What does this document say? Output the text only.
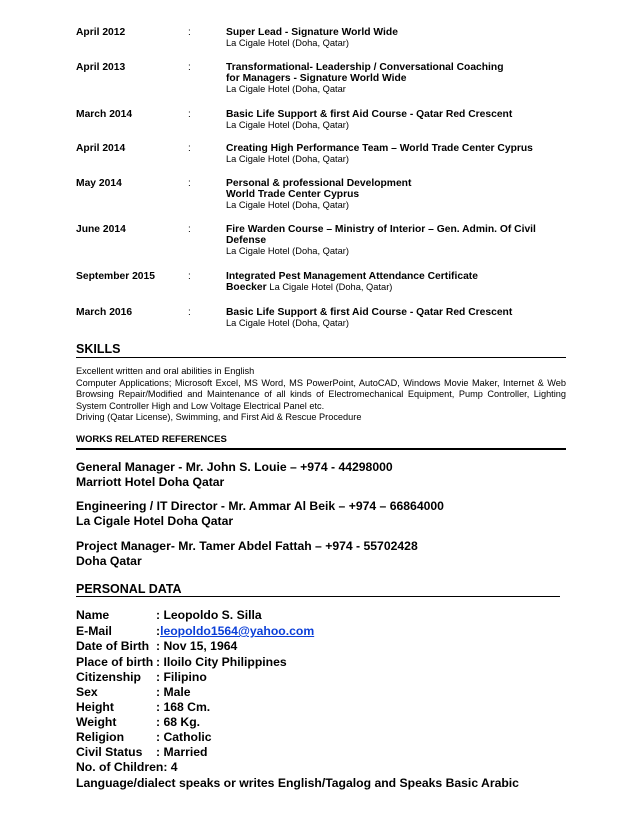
April 2012	:	Super Lead - Signature World Wide
La Cigale Hotel (Doha, Qatar)
April 2013	:	Transformational- Leadership / Conversational Coaching
for Managers - Signature World Wide
La Cigale Hotel (Doha, Qatar
March 2014	:	Basic Life Support & first Aid Course - Qatar Red Crescent
La Cigale Hotel (Doha, Qatar)
April 2014	:	Creating High Performance Team – World Trade Center Cyprus
La Cigale Hotel (Doha, Qatar)
May 2014	:	Personal & professional Development
World Trade Center Cyprus
La Cigale Hotel (Doha, Qatar)
June 2014	:	Fire Warden Course – Ministry of Interior – Gen. Admin. Of Civil
Defense
La Cigale Hotel (Doha, Qatar)
September 2015	:	Integrated Pest Management Attendance Certificate
Boecker La Cigale Hotel (Doha, Qatar)
March 2016	:	Basic Life Support & first Aid Course - Qatar Red Crescent
La Cigale Hotel (Doha, Qatar)
SKILLS
Excellent written and oral abilities in English
Computer Applications; Microsoft Excel, MS Word, MS PowerPoint, AutoCAD, Windows Movie Maker, Internet & Web Browsing Repair/Modified and Maintenance of all kinds of Electromechanical Equipment, Pump Controller, Lighting System Controller High and Low Voltage Electrical Panel etc.
Driving (Qatar License), Swimming, and First Aid & Rescue Procedure
WORKS RELATED REFERENCES
General Manager - Mr. John S. Louie – +974 - 44298000
Marriott Hotel Doha Qatar
Engineering / IT Director - Mr. Ammar Al Beik – +974 – 66864000
La Cigale Hotel Doha Qatar
Project Manager- Mr. Tamer Abdel Fattah – +974 - 55702428
Doha Qatar
PERSONAL DATA
Name	: Leopoldo S. Silla
E-Mail	:leopoldo1564@yahoo.com
Date of Birth : Nov 15, 1964
Place of birth : Iloilo City Philippines
Citizenship : Filipino
Sex	: Male
Height	: 168 Cm.
Weight	: 68 Kg.
Religion	: Catholic
Civil Status : Married
No. of Children: 4
Language/dialect speaks or writes English/Tagalog and Speaks Basic Arabic
